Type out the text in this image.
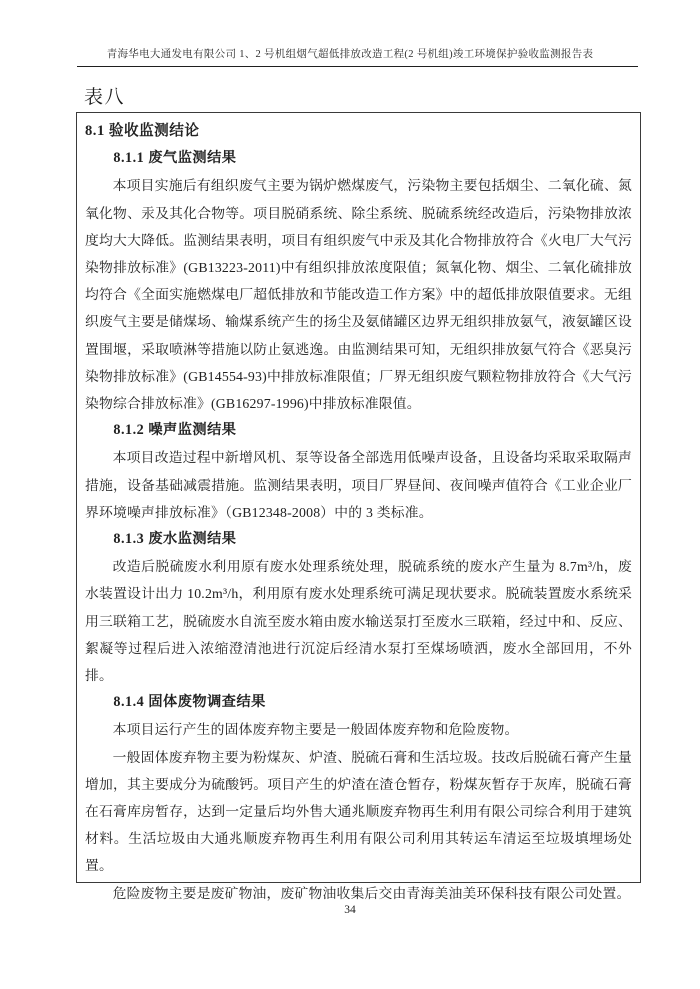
青海华电大通发电有限公司 1、2 号机组烟气超低排放改造工程(2 号机组)竣工环境保护验收监测报告表
表八
8.1 验收监测结论
8.1.1 废气监测结果

本项目实施后有组织废气主要为锅炉燃煤废气，污染物主要包括烟尘、二氧化硫、氮氧化物、汞及其化合物等。项目脱硝系统、除尘系统、脱硫系统经改造后，污染物排放浓度均大大降低。监测结果表明，项目有组织废气中汞及其化合物排放符合《火电厂大气污染物排放标准》(GB13223-2011)中有组织排放浓度限值；氮氧化物、烟尘、二氧化硫排放均符合《全面实施燃煤电厂超低排放和节能改造工作方案》中的超低排放限值要求。无组织废气主要是储煤场、输煤系统产生的扬尘及氨储罐区边界无组织排放氨气，液氨罐区设置围堰，采取喷淋等措施以防止氨逃逸。由监测结果可知，无组织排放氨气符合《恶臭污染物排放标准》(GB14554-93)中排放标准限值；厂界无组织废气颗粒物排放符合《大气污染物综合排放标准》(GB16297-1996)中排放标准限值。

8.1.2 噪声监测结果

本项目改造过程中新增风机、泵等设备全部选用低噪声设备，且设备均采取采取隔声措施，设备基础减震措施。监测结果表明，项目厂界昼间、夜间噪声值符合《工业企业厂界环境噪声排放标准》（GB12348-2008）中的 3 类标准。

8.1.3 废水监测结果

改造后脱硫废水利用原有废水处理系统处理，脱硫系统的废水产生量为 8.7m³/h，废水装置设计出力 10.2m³/h，利用原有废水处理系统可满足现状要求。脱硫装置废水系统采用三联箱工艺，脱硫废水自流至废水箱由废水输送泵打至废水三联箱，经过中和、反应、絮凝等过程后进入浓缩澄清池进行沉淀后经清水泵打至煤场喷洒，废水全部回用，不外排。

8.1.4 固体废物调查结果

本项目运行产生的固体废弃物主要是一般固体废弃物和危险废物。

一般固体废弃物主要为粉煤灰、炉渣、脱硫石膏和生活垃圾。技改后脱硫石膏产生量增加，其主要成分为硫酸钙。项目产生的炉渣在渣仓暂存，粉煤灰暂存于灰库，脱硫石膏在石膏库房暂存，达到一定量后均外售大通兆顺废弃物再生利用有限公司综合利用于建筑材料。生活垃圾由大通兆顺废弃物再生利用有限公司利用其转运车清运至垃圾填埋场处置。

危险废物主要是废矿物油，废矿物油收集后交由青海美油美环保科技有限公司处置。

34
